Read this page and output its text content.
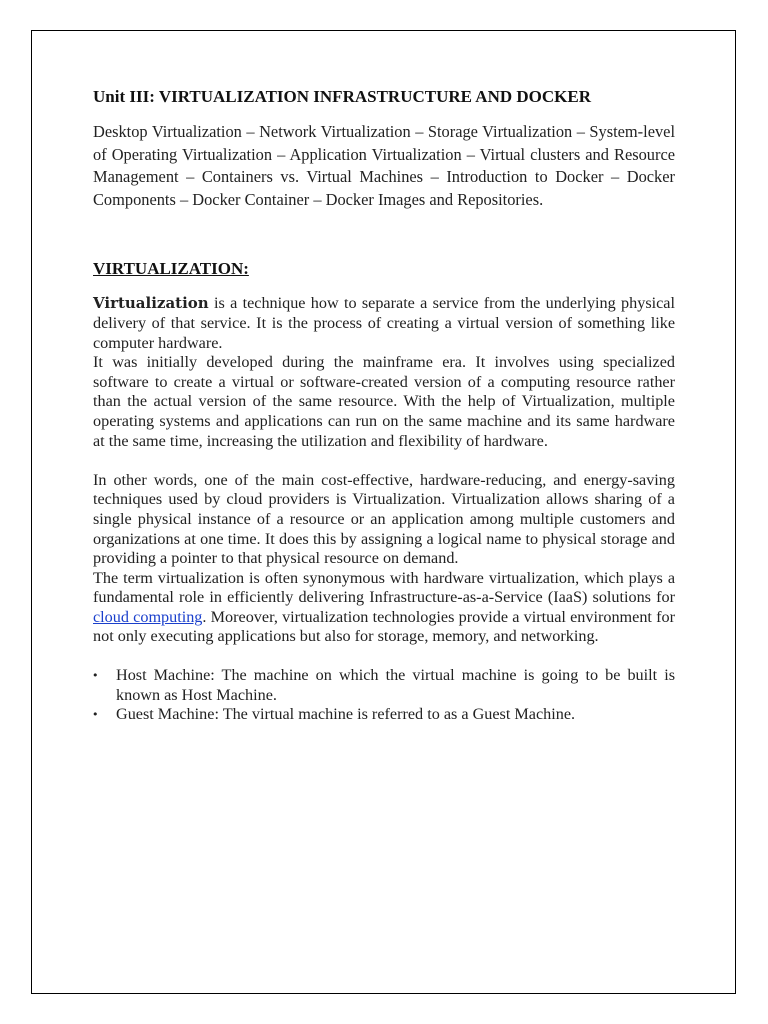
Unit III: VIRTUALIZATION INFRASTRUCTURE AND DOCKER

Desktop Virtualization – Network Virtualization – Storage Virtualization – System-level of Operating Virtualization – Application Virtualization – Virtual clusters and Resource Management – Containers vs. Virtual Machines – Introduction to Docker – Docker Components – Docker Container – Docker Images and Repositories.

VIRTUALIZATION:

Virtualization is a technique how to separate a service from the underlying physical delivery of that service. It is the process of creating a virtual version of something like computer hardware.

It was initially developed during the mainframe era. It involves using specialized software to create a virtual or software-created version of a computing resource rather than the actual version of the same resource. With the help of Virtualization, multiple operating systems and applications can run on the same machine and its same hardware at the same time, increasing the utilization and flexibility of hardware.

In other words, one of the main cost-effective, hardware-reducing, and energy-saving techniques used by cloud providers is Virtualization. Virtualization allows sharing of a single physical instance of a resource or an application among multiple customers and organizations at one time. It does this by assigning a logical name to physical storage and providing a pointer to that physical resource on demand.

The term virtualization is often synonymous with hardware virtualization, which plays a fundamental role in efficiently delivering Infrastructure-as-a-Service (IaaS) solutions for cloud computing. Moreover, virtualization technologies provide a virtual environment for not only executing applications but also for storage, memory, and networking.

• Host Machine: The machine on which the virtual machine is going to be built is known as Host Machine.
• Guest Machine: The virtual machine is referred to as a Guest Machine.
